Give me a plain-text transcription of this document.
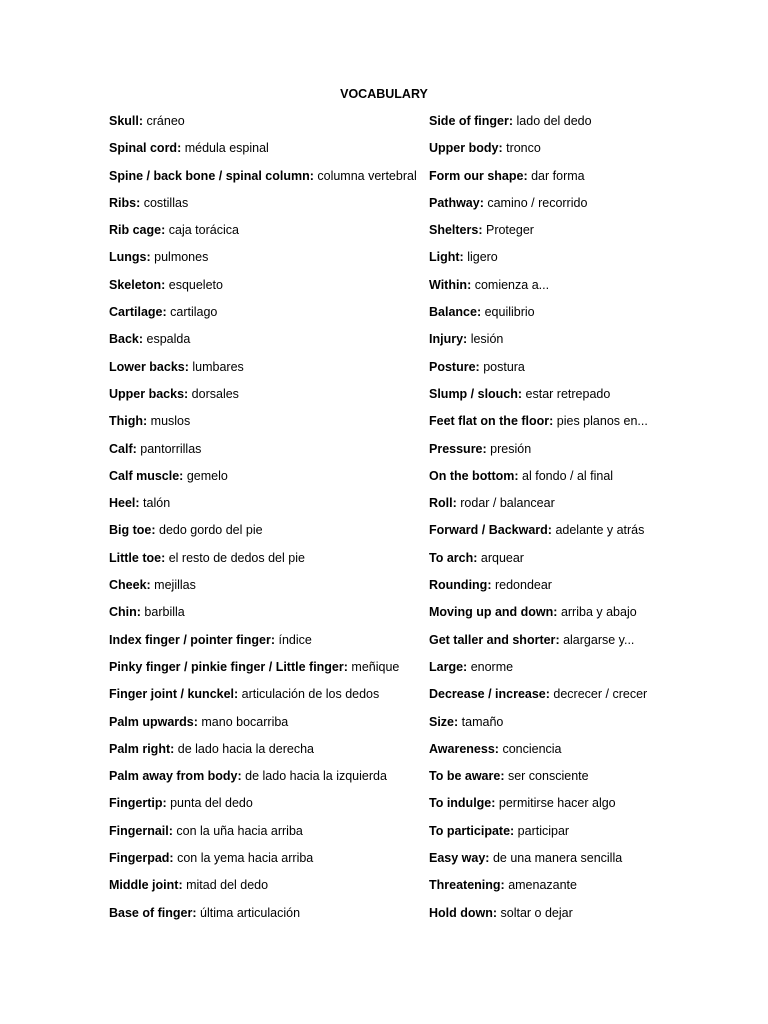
VOCABULARY
Skull: cráneo
Spinal cord: médula espinal
Spine / back bone / spinal column: columna vertebral
Ribs: costillas
Rib cage: caja torácica
Lungs: pulmones
Skeleton: esqueleto
Cartilage: cartilago
Back: espalda
Lower backs: lumbares
Upper backs: dorsales
Thigh: muslos
Calf: pantorrillas
Calf muscle: gemelo
Heel: talón
Big toe: dedo gordo del pie
Little toe: el resto de dedos del pie
Cheek: mejillas
Chin: barbilla
Index finger / pointer finger: índice
Pinky finger / pinkie finger / Little finger: meñique
Finger joint / kunckel: articulación de los dedos
Palm upwards: mano bocarriba
Palm right: de lado hacia la derecha
Palm away from body: de lado hacia la izquierda
Fingertip: punta del dedo
Fingernail: con la uña hacia arriba
Fingerpad: con la yema hacia arriba
Middle joint: mitad del dedo
Base of finger: última articulación
Side of finger: lado del dedo
Upper body: tronco
Form our shape: dar forma
Pathway: camino / recorrido
Shelters: Proteger
Light: ligero
Within: comienza a...
Balance: equilibrio
Injury: lesión
Posture: postura
Slump / slouch: estar retrepado
Feet flat on the floor: pies planos en...
Pressure: presión
On the bottom: al fondo / al final
Roll: rodar / balancear
Forward / Backward: adelante y atrás
To arch: arquear
Rounding: redondear
Moving up and down: arriba y abajo
Get taller and shorter: alargarse y...
Large: enorme
Decrease / increase: decrecer / crecer
Size: tamaño
Awareness: conciencia
To be aware: ser consciente
To indulge: permitirse hacer algo
To participate: participar
Easy way: de una manera sencilla
Threatening: amenazante
Hold down: soltar o dejar
